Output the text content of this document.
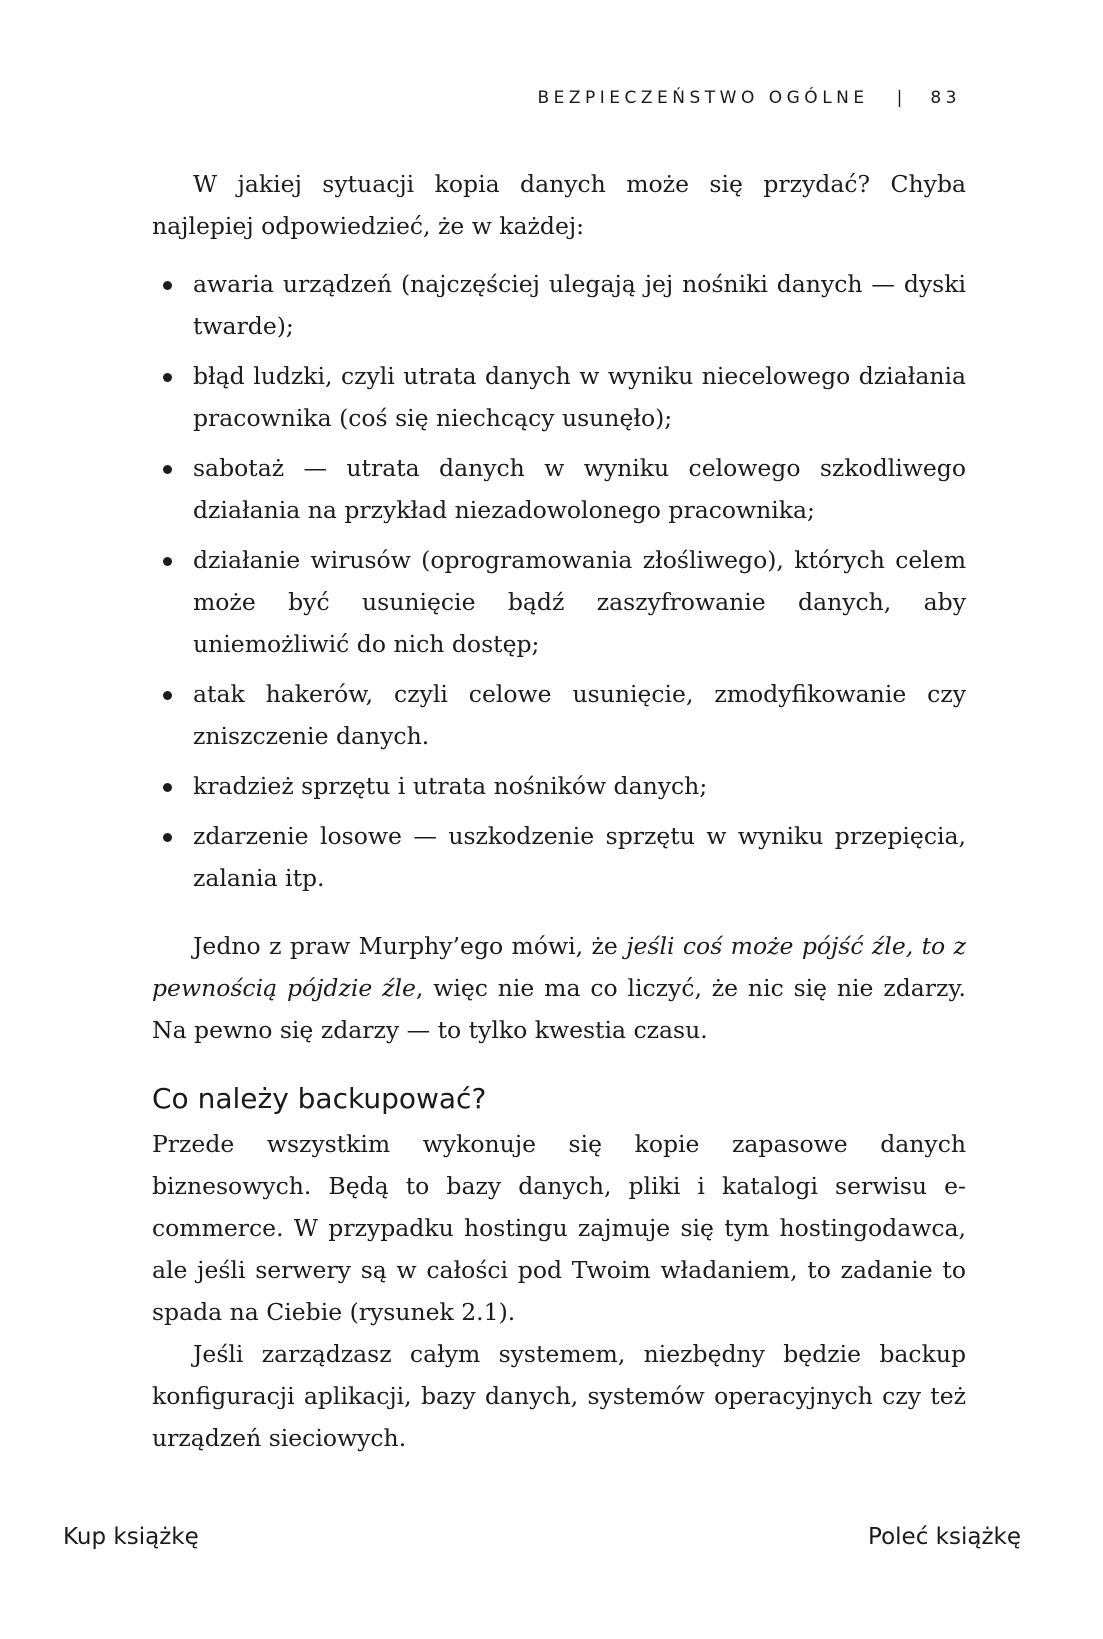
BEZPIECZEŃSTWO OGÓLNE | 83

W jakiej sytuacji kopia danych może się przydać? Chyba najlepiej odpowiedzieć, że w każdej:

awaria urządzeń (najczęściej ulegają jej nośniki danych — dyski twarde);
błąd ludzki, czyli utrata danych w wyniku niecelowego działania pracownika (coś się niechcący usunęło);
sabotaż — utrata danych w wyniku celowego szkodliwego działania na przykład niezadowolonego pracownika;
działanie wirusów (oprogramowania złośliwego), których celem może być usunięcie bądź zaszyfrowanie danych, aby uniemożliwić do nich dostęp;
atak hakerów, czyli celowe usunięcie, zmodyfikowanie czy zniszczenie danych.
kradzież sprzętu i utrata nośników danych;
zdarzenie losowe — uszkodzenie sprzętu w wyniku przepięcia, zalania itp.

Jedno z praw Murphy’ego mówi, że jeśli coś może pójść źle, to z pewnością pójdzie źle, więc nie ma co liczyć, że nic się nie zdarzy. Na pewno się zdarzy — to tylko kwestia czasu.

Co należy backupować?

Przede wszystkim wykonuje się kopie zapasowe danych biznesowych. Będą to bazy danych, pliki i katalogi serwisu e-commerce. W przypadku hostingu zajmuje się tym hostingodawca, ale jeśli serwery są w całości pod Twoim władaniem, to zadanie to spada na Ciebie (rysunek 2.1).

Jeśli zarządzasz całym systemem, niezbędny będzie backup konfiguracji aplikacji, bazy danych, systemów operacyjnych czy też urządzeń sieciowych.

Kup książkę	Poleć książkę
